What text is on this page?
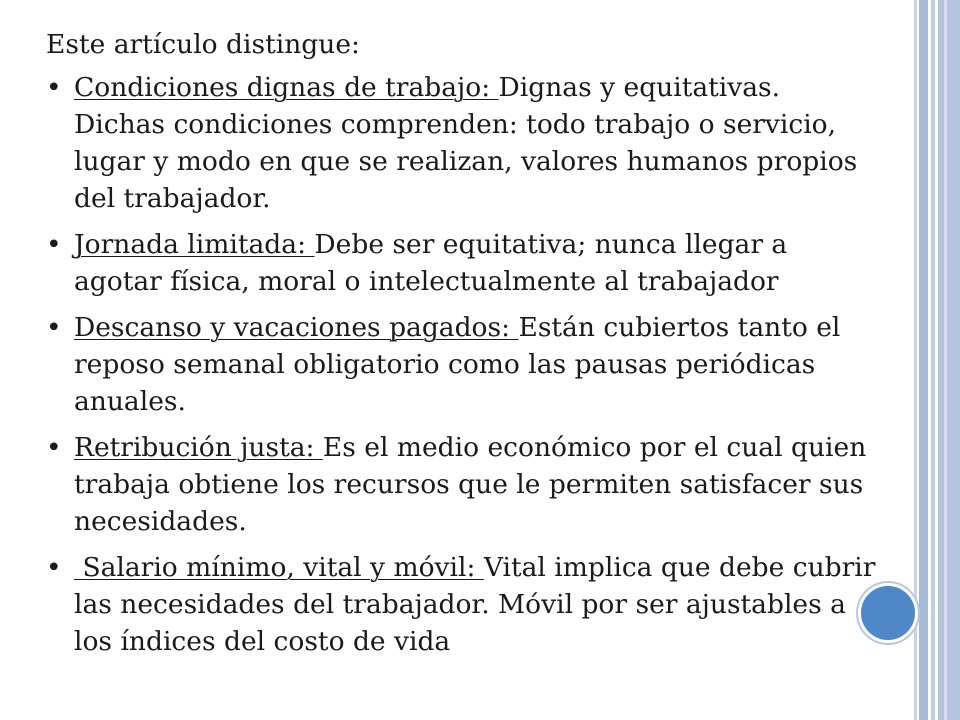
Este artículo distingue:
• Condiciones dignas de trabajo: Dignas y equitativas. Dichas condiciones comprenden: todo trabajo o servicio, lugar y modo en que se realizan, valores humanos propios del trabajador.
• Jornada limitada: Debe ser equitativa; nunca llegar a agotar física, moral o intelectualmente al trabajador
• Descanso y vacaciones pagados: Están cubiertos tanto el reposo semanal obligatorio como las pausas periódicas anuales.
• Retribución justa: Es el medio económico por el cual quien trabaja obtiene los recursos que le permiten satisfacer sus necesidades.
• Salario mínimo, vital y móvil: Vital implica que debe cubrir las necesidades del trabajador. Móvil por ser ajustables a los índices del costo de vida
